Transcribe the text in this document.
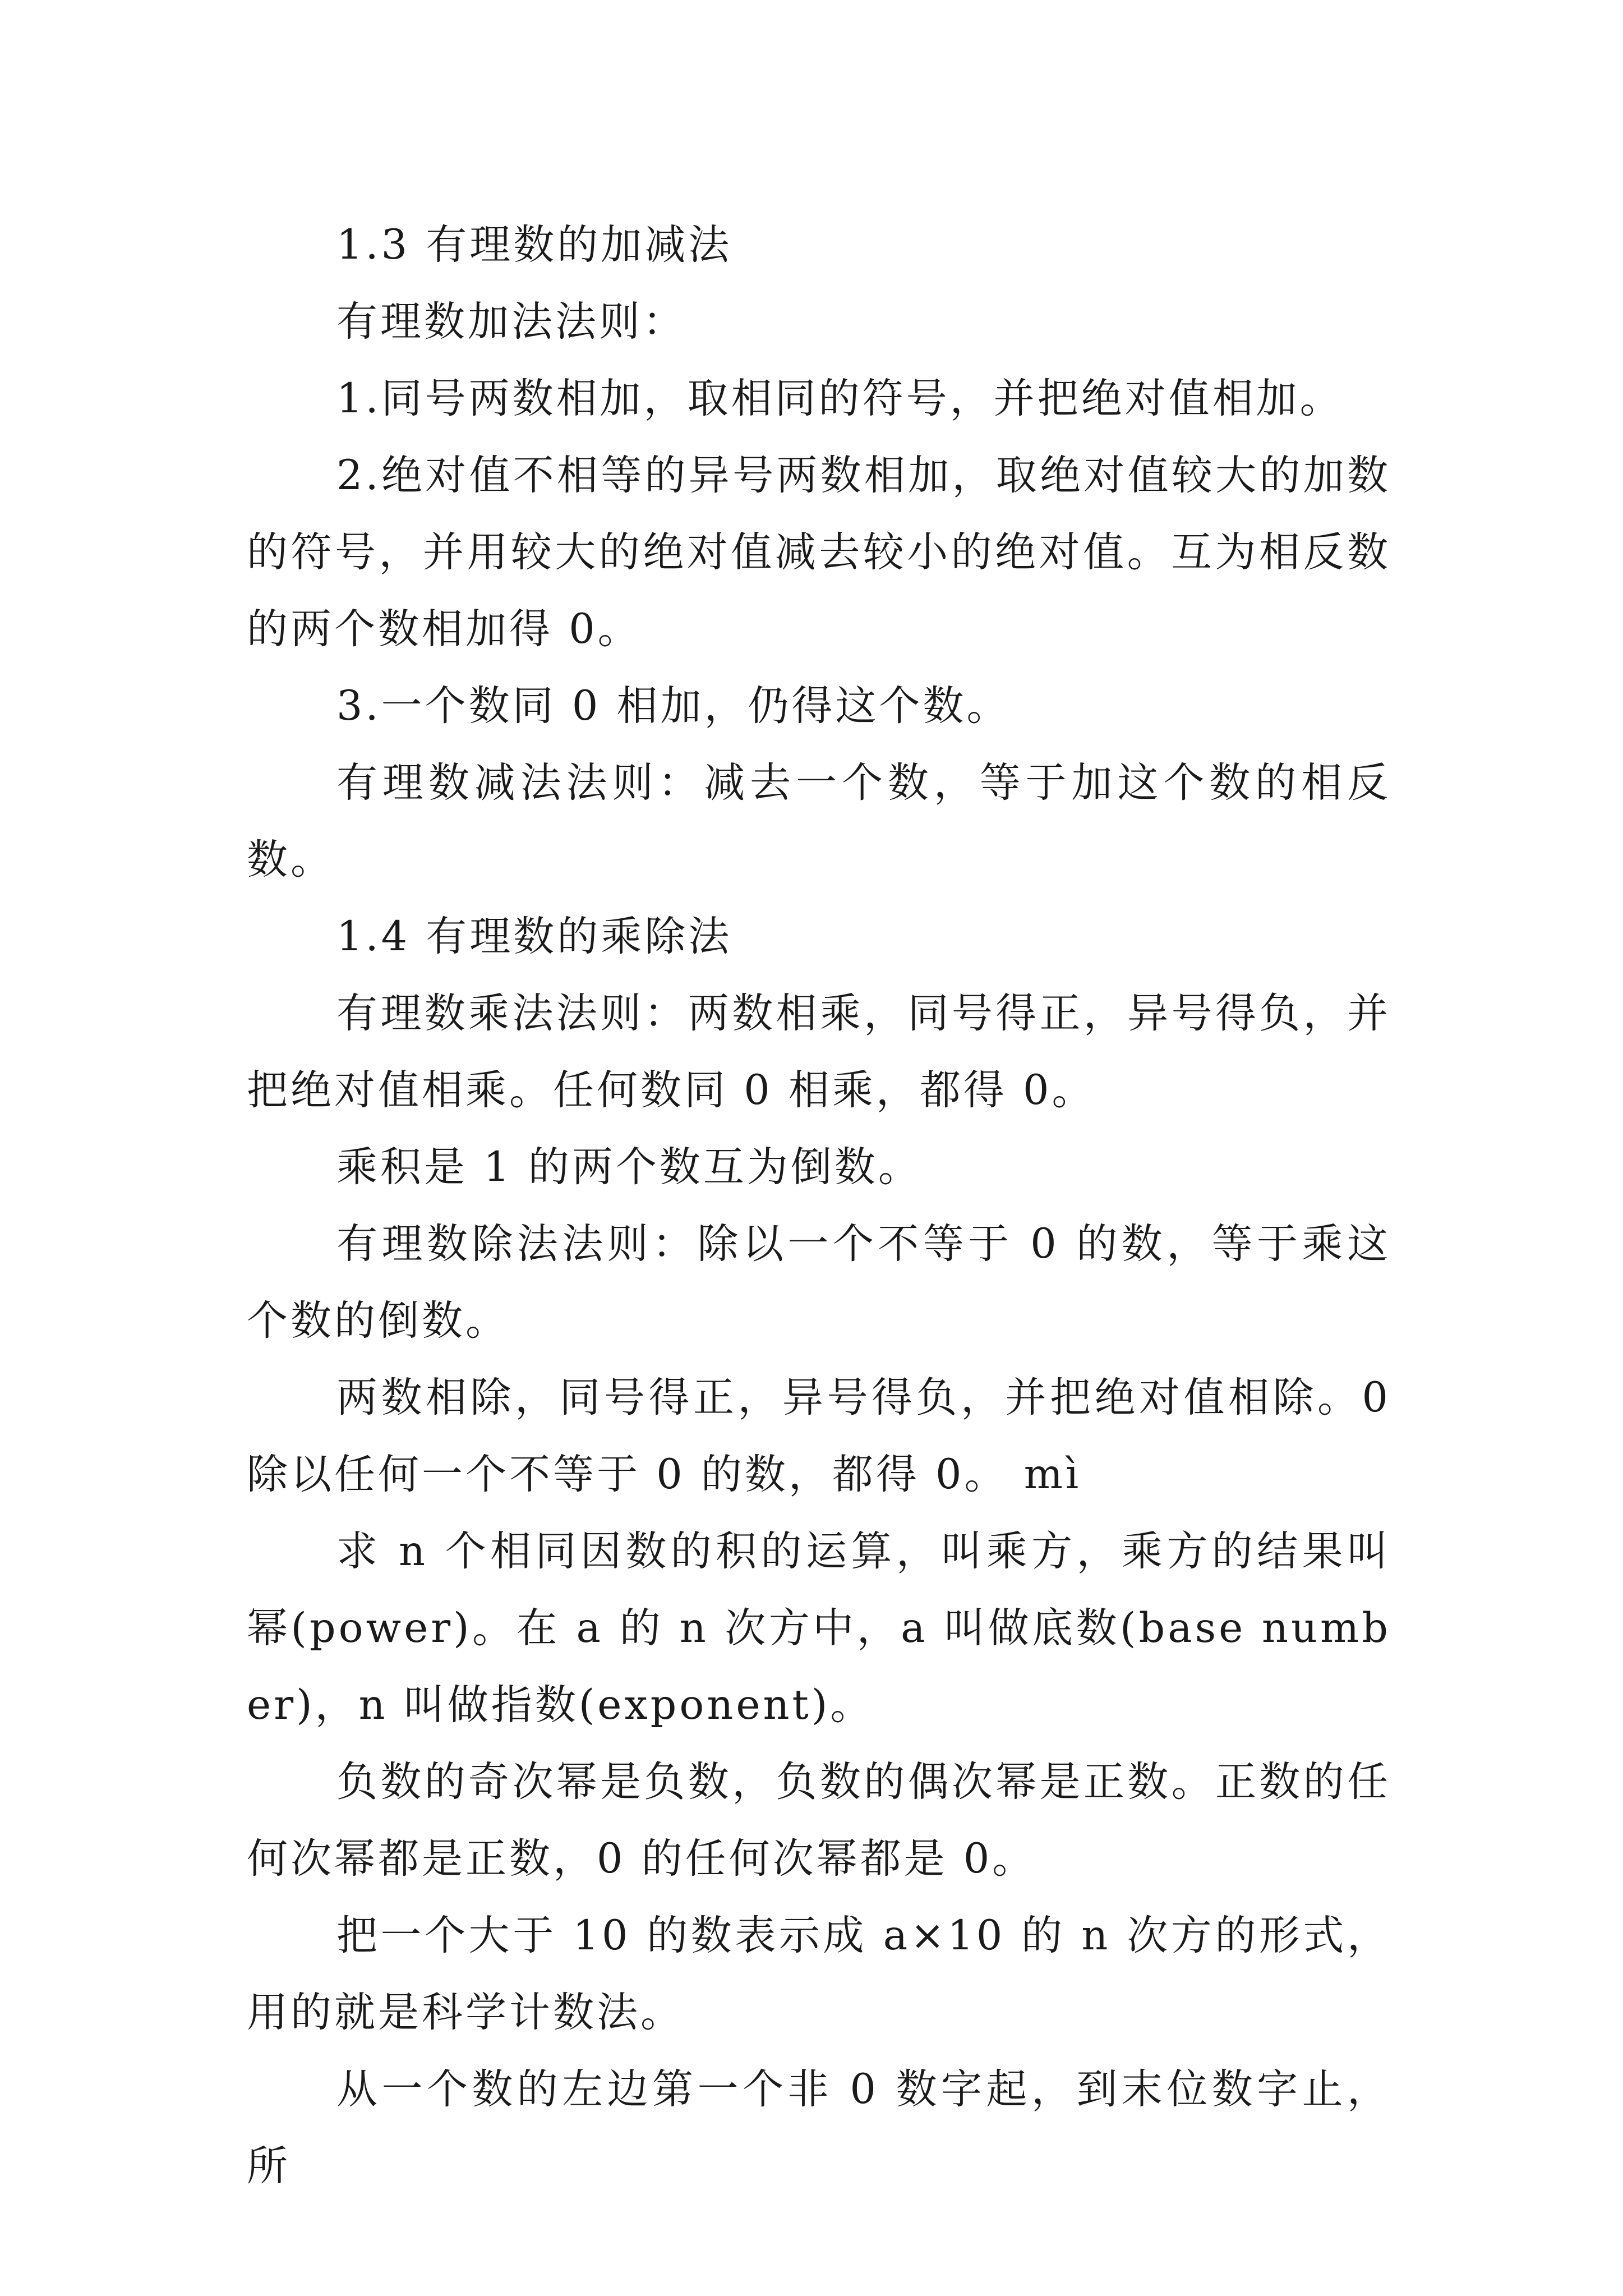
1.3 有理数的加减法

有理数加法法则：

1.同号两数相加，取相同的符号，并把绝对值相加。

2.绝对值不相等的异号两数相加，取绝对值较大的加数的符号，并用较大的绝对值减去较小的绝对值。互为相反数的两个数相加得 0。

3.一个数同 0 相加，仍得这个数。

有理数减法法则：减去一个数，等于加这个数的相反数。

1.4 有理数的乘除法

有理数乘法法则：两数相乘，同号得正，异号得负，并把绝对值相乘。任何数同 0 相乘，都得 0。

乘积是 1 的两个数互为倒数。

有理数除法法则：除以一个不等于 0 的数，等于乘这个数的倒数。

两数相除，同号得正，异号得负，并把绝对值相除。0 除以任何一个不等于 0 的数，都得 0。 mì

求 n 个相同因数的积的运算，叫乘方，乘方的结果叫幂(power)。在 a 的 n 次方中，a 叫做底数(base number)，n 叫做指数(exponent)。

负数的奇次幂是负数，负数的偶次幂是正数。正数的任何次幂都是正数，0 的任何次幂都是 0。

把一个大于 10 的数表示成 a×10 的 n 次方的形式，用的就是科学计数法。

从一个数的左边第一个非 0 数字起，到末位数字止，所
